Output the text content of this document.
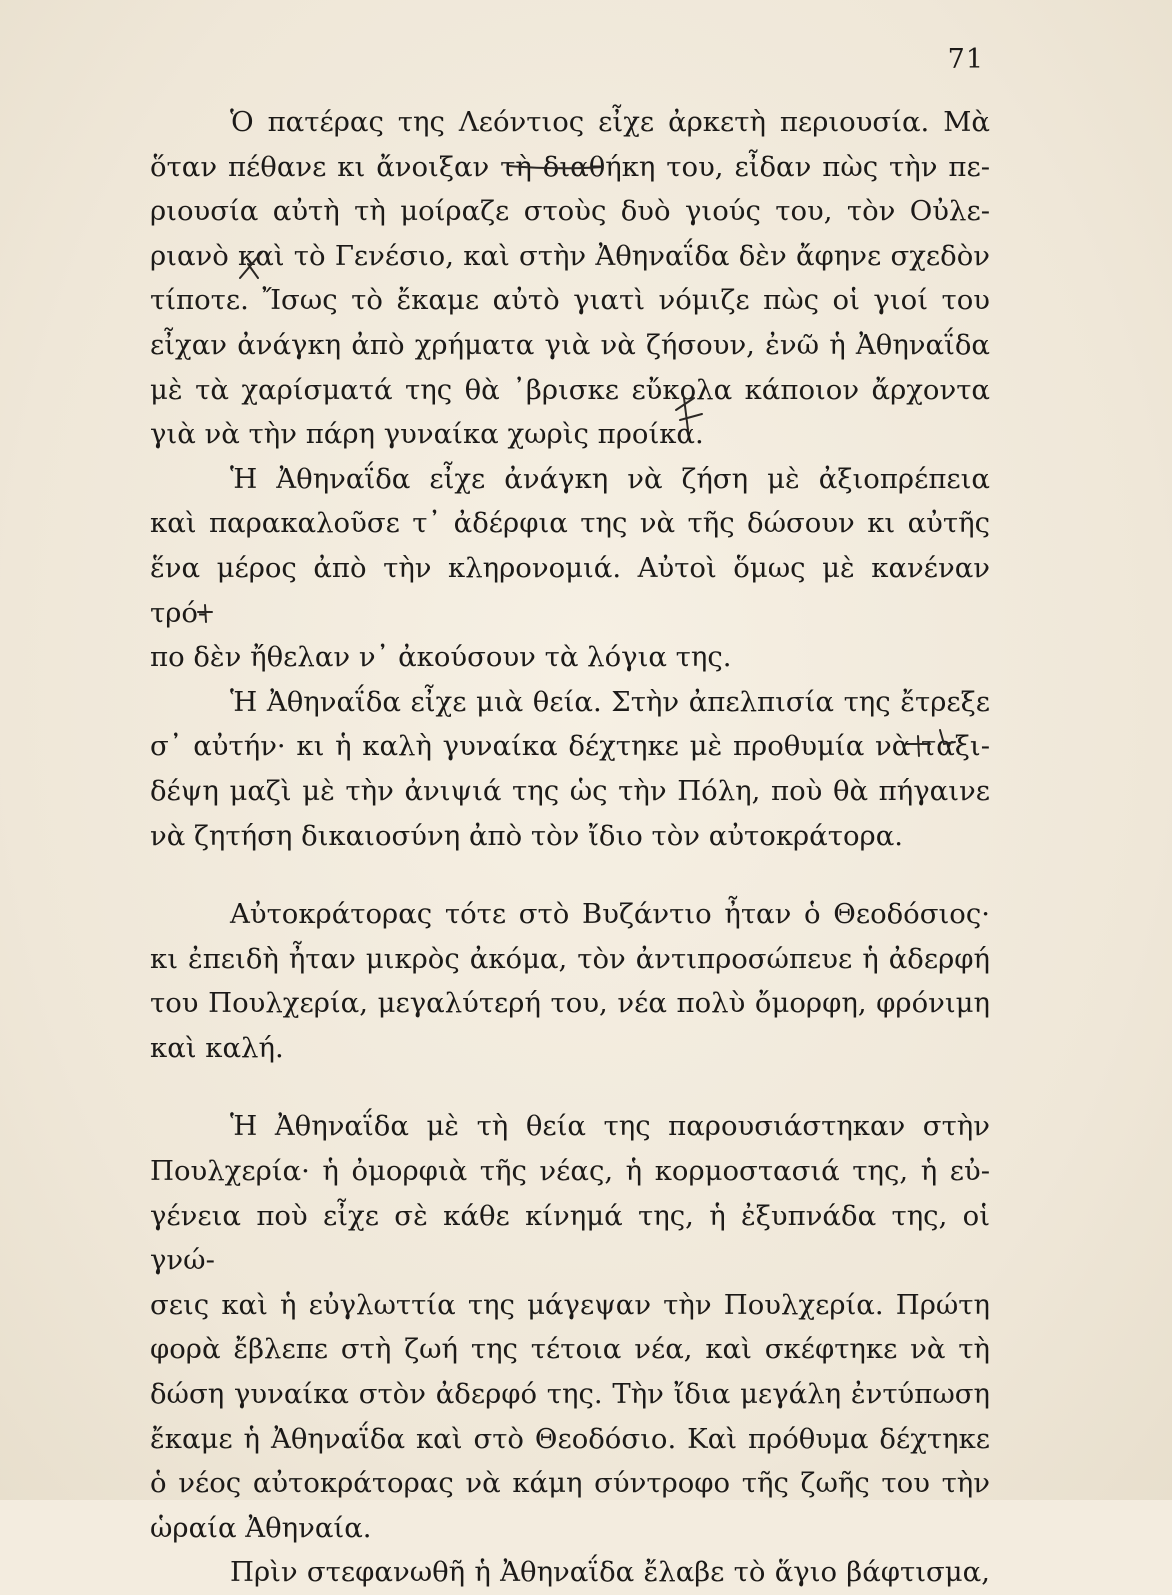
71

Ὁ πατέρας της Λεόντιος εἶχε ἀρκετὴ περιουσία. Μὰ
ὅταν πέθανε κι ἄνοιξαν τὴ διαθήκη του, εἶδαν πὼς τὴν πε-
ριουσία αὐτὴ τὴ μοίραζε στοὺς δυὸ γιούς του, τὸν Οὐλε-
ριανὸ καὶ τὸ Γενέσιο, καὶ στὴν Ἀθηναΐδα δὲν ἄφηνε σχεδὸν
τίποτε. Ἴσως τὸ ἔκαμε αὐτὸ γιατὶ νόμιζε πὼς οἱ γιοί του
εἶχαν ἀνάγκη ἀπὸ χρήματα γιὰ νὰ ζήσουν, ἐνῶ ἡ Ἀθηναΐδα
μὲ τὰ χαρίσματά της θὰ ᾽βρισκε εὔκολα κάποιον ἄρχοντα
γιὰ νὰ τὴν πάρη γυναίκα χωρὶς προίκα.

Ἡ Ἀθηναΐδα εἶχε ἀνάγκη νὰ ζήση μὲ ἀξιοπρέπεια
καὶ παρακαλοῦσε τ᾽ ἀδέρφια της νὰ τῆς δώσουν κι αὐτῆς
ἕνα μέρος ἀπὸ τὴν κληρονομιά. Αὐτοὶ ὅμως μὲ κανέναν τρό-
πο δὲν ἤθελαν ν᾽ ἀκούσουν τὰ λόγια της.

Ἡ Ἀθηναΐδα εἶχε μιὰ θεία. Στὴν ἀπελπισία της ἔτρεξε
σ᾽ αὐτήν· κι ἡ καλὴ γυναίκα δέχτηκε μὲ προθυμία νὰ ταξι-
δέψη μαζὶ μὲ τὴν ἀνιψιά της ὡς τὴν Πόλη, ποὺ θὰ πήγαινε
νὰ ζητήση δικαιοσύνη ἀπὸ τὸν ἴδιο τὸν αὐτοκράτορα.

Αὐτοκράτορας τότε στὸ Βυζάντιο ἦταν ὁ Θεοδόσιος·
κι ἐπειδὴ ἦταν μικρὸς ἀκόμα, τὸν ἀντιπροσώπευε ἡ ἀδερφή
του Πουλχερία, μεγαλύτερή του, νέα πολὺ ὄμορφη, φρόνιμη
καὶ καλή.

Ἡ Ἀθηναΐδα μὲ τὴ θεία της παρουσιάστηκαν στὴν
Πουλχερία· ἡ ὀμορφιὰ τῆς νέας, ἡ κορμοστασιά της, ἡ εὐ-
γένεια ποὺ εἶχε σὲ κάθε κίνημά της, ἡ ἐξυπνάδα της, οἱ γνώ-
σεις καὶ ἡ εὐγλωττία της μάγεψαν τὴν Πουλχερία. Πρώτη
φορὰ ἔβλεπε στὴ ζωή της τέτοια νέα, καὶ σκέφτηκε νὰ τὴ
δώση γυναίκα στὸν ἀδερφό της. Τὴν ἴδια μεγάλη ἐντύπωση
ἔκαμε ἡ Ἀθηναΐδα καὶ στὸ Θεοδόσιο. Καὶ πρόθυμα δέχτηκε
ὁ νέος αὐτοκράτορας νὰ κάμη σύντροφο τῆς ζωῆς του τὴν
ὡραία Ἀθηναία.

Πρὶν στεφανωθῆ ἡ Ἀθηναΐδα ἔλαβε τὸ ἅγιο βάφτισμα,
